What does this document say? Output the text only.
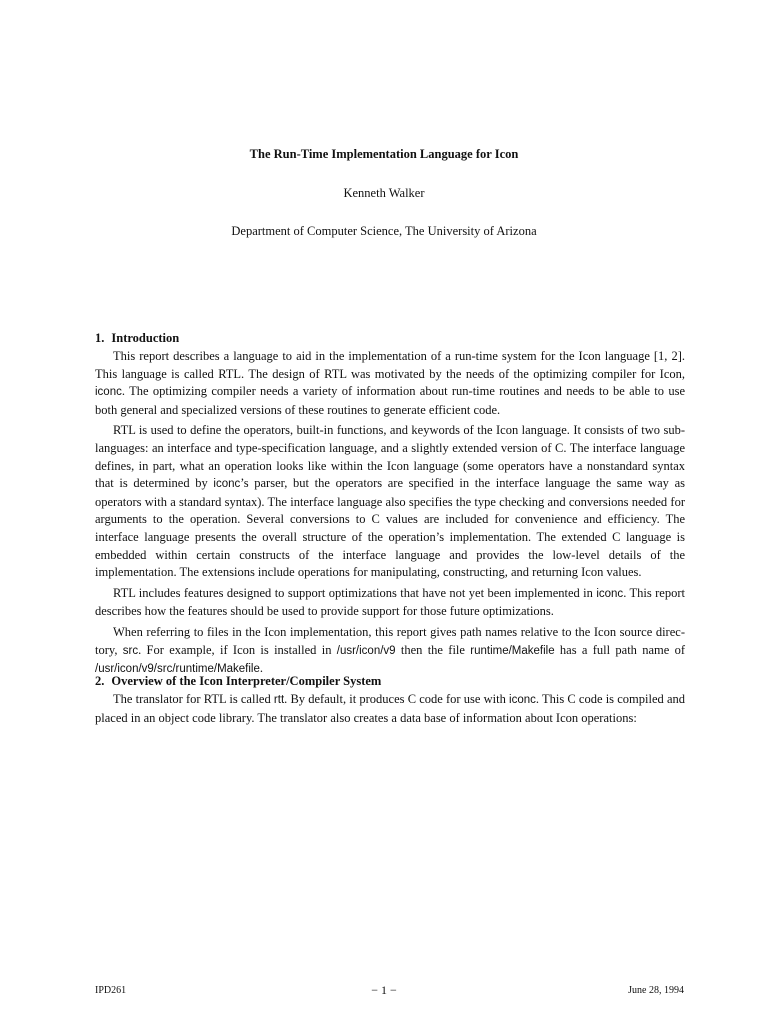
The Run-Time Implementation Language for Icon
Kenneth Walker
Department of Computer Science, The University of Arizona

1. Introduction

This report describes a language to aid in the implementation of a run-time system for the Icon language [1, 2]. This language is called RTL. The design of RTL was motivated by the needs of the optimizing compiler for Icon, iconc. The optimizing compiler needs a variety of information about run-time routines and needs to be able to use both general and specialized versions of these routines to generate efficient code.

RTL is used to define the operators, built-in functions, and keywords of the Icon language. It consists of two sub-languages: an interface and type-specification language, and a slightly extended version of C. The interface language defines, in part, what an operation looks like within the Icon language (some operators have a nonstandard syntax that is determined by iconc’s parser, but the operators are specified in the interface language the same way as operators with a standard syntax). The interface language also specifies the type checking and conversions needed for arguments to the operation. Several conversions to C values are included for convenience and efficiency. The interface language presents the overall structure of the operation’s implementation. The extended C language is embedded within certain constructs of the interface language and provides the low-level details of the implementation. The extensions include operations for manipulating, constructing, and returning Icon values.

RTL includes features designed to support optimizations that have not yet been implemented in iconc. This report describes how the features should be used to provide support for those future optimizations.

When referring to files in the Icon implementation, this report gives path names relative to the Icon source directory, src. For example, if Icon is installed in /usr/icon/v9 then the file runtime/Makefile has a full path name of /usr/icon/v9/src/runtime/Makefile.

2. Overview of the Icon Interpreter/Compiler System

The translator for RTL is called rtt. By default, it produces C code for use with iconc. This C code is compiled and placed in an object code library. The translator also creates a data base of information about Icon operations:

IPD261	− 1 −	June 28, 1994
